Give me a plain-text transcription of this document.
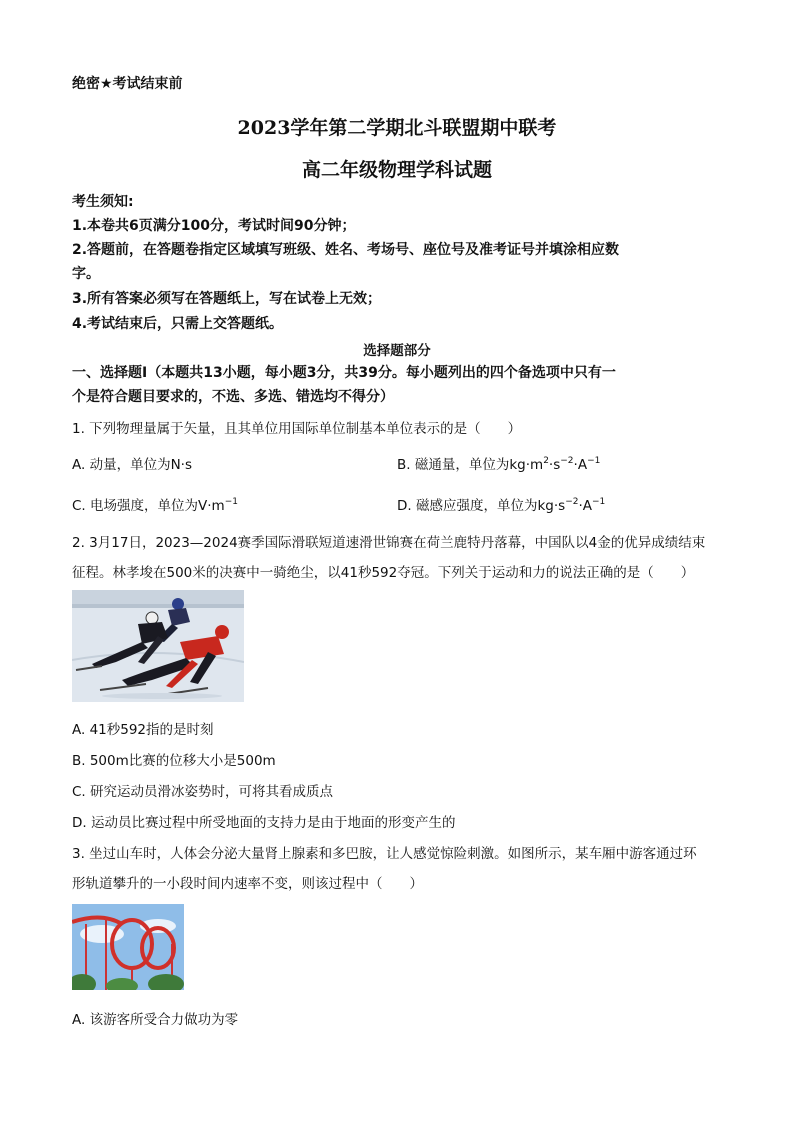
绝密★考试结束前
2023学年第二学期北斗联盟期中联考
高二年级物理学科试题
考生须知:
1.本卷共6页满分100分，考试时间90分钟；
2.答题前，在答题卷指定区域填写班级、姓名、考场号、座位号及准考证号并填涂相应数
字。
3.所有答案必须写在答题纸上，写在试卷上无效；
4.考试结束后，只需上交答题纸。
选择题部分
一、选择题Ⅰ（本题共13小题，每小题3分，共39分。每小题列出的四个备选项中只有一
个是符合题目要求的，不选、多选、错选均不得分）
1. 下列物理量属于矢量，且其单位用国际单位制基本单位表示的是（　　）
A. 动量，单位为N·s	B. 磁通量，单位为$kg\cdot m^2\cdot s^{-2}\cdot A^{-1}$
C. 电场强度，单位为$V\cdot m^{-1}$	D. 磁感应强度，单位为$kg\cdot s^{-2}\cdot A^{-1}$
2. 3月17日，2023—2024赛季国际滑联短道速滑世锦赛在荷兰鹿特丹落幕，中国队以4金的优异成绩结束
征程。林孝埈在500米的决赛中一骑绝尘，以41秒592夺冠。下列关于运动和力的说法正确的是（　　）
A. 41秒592指的是时刻
B. 500m比赛的位移大小是500m
C. 研究运动员滑冰姿势时，可将其看成质点
D. 运动员比赛过程中所受地面的支持力是由于地面的形变产生的
3. 坐过山车时，人体会分泌大量肾上腺素和多巴胺，让人感觉惊险刺激。如图所示，某车厢中游客通过环
形轨道攀升的一小段时间内速率不变，则该过程中（　　）
A. 该游客所受合力做功为零
